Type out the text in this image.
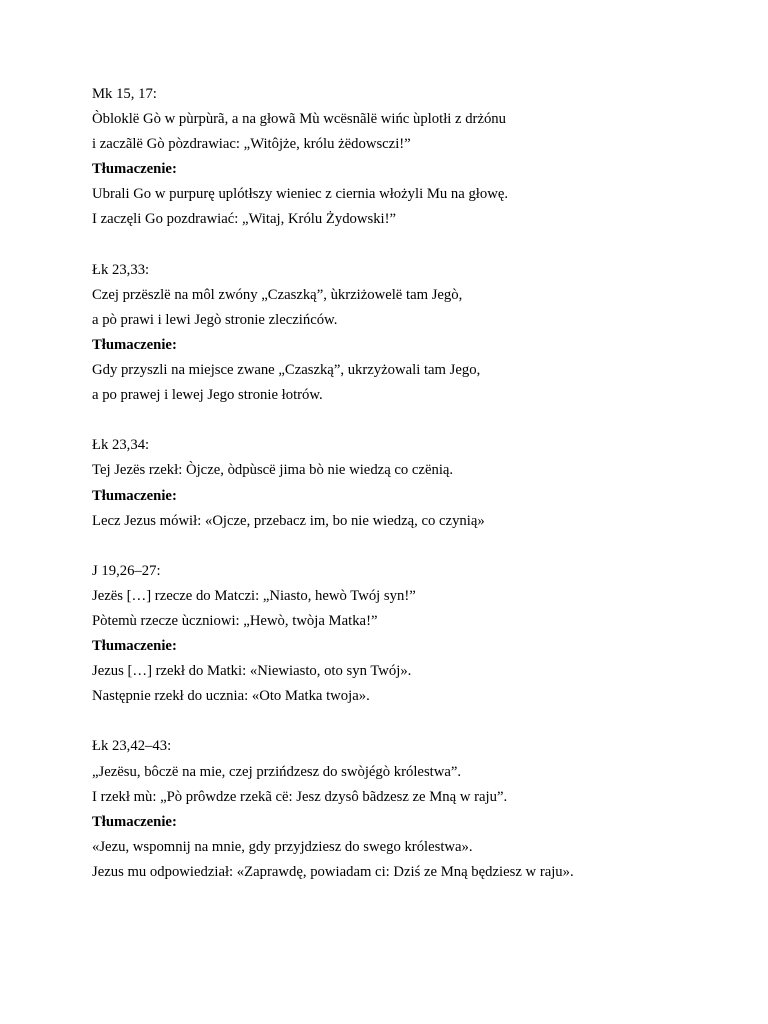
Mk 15, 17:
Òbloklë Gò w pùrpùrã, a na głowã Mù wcësnãlë wińc ùplotłi z drżónu
i zaczãlë Gò pòzdrawiac: „Witôjże, królu żëdowsczi!”
Tłumaczenie:
Ubrali Go w purpurę uplótłszy wieniec z ciernia włożyli Mu na głowę.
I zaczęli Go pozdrawiać: „Witaj, Królu Żydowski!”
Łk 23,33:
Czej przëszlë na môl zwóny „Czaszką”, ùkrziżowelë tam Jegò,
a pò prawi i lewi Jegò stronie zleczińców.
Tłumaczenie:
Gdy przyszli na miejsce zwane „Czaszką”, ukrzyżowali tam Jego,
a po prawej i lewej Jego stronie łotrów.
Łk 23,34:
Tej Jezës rzekł: Òjcze, òdpùscë jima bò nie wiedzą co czënią.
Tłumaczenie:
Lecz Jezus mówił: «Ojcze, przebacz im, bo nie wiedzą, co czynią»
J 19,26–27:
Jezës […] rzecze do Matczi: „Niasto, hewò Twój syn!”
Pòtemù rzecze ùczniowi: „Hewò, twòja Matka!”
Tłumaczenie:
Jezus […] rzekł do Matki: «Niewiasto, oto syn Twój».
Następnie rzekł do ucznia: «Oto Matka twoja».
Łk 23,42–43:
„Jezësu, bôczë na mie, czej przińdzesz do swòjégò królestwa”.
I rzekł mù: „Pò prôwdze rzekã cë: Jesz dzysô bãdzesz ze Mną w raju”.
Tłumaczenie:
«Jezu, wspomnij na mnie, gdy przyjdziesz do swego królestwa».
Jezus mu odpowiedział: «Zaprawdę, powiadam ci: Dziś ze Mną będziesz w raju».
